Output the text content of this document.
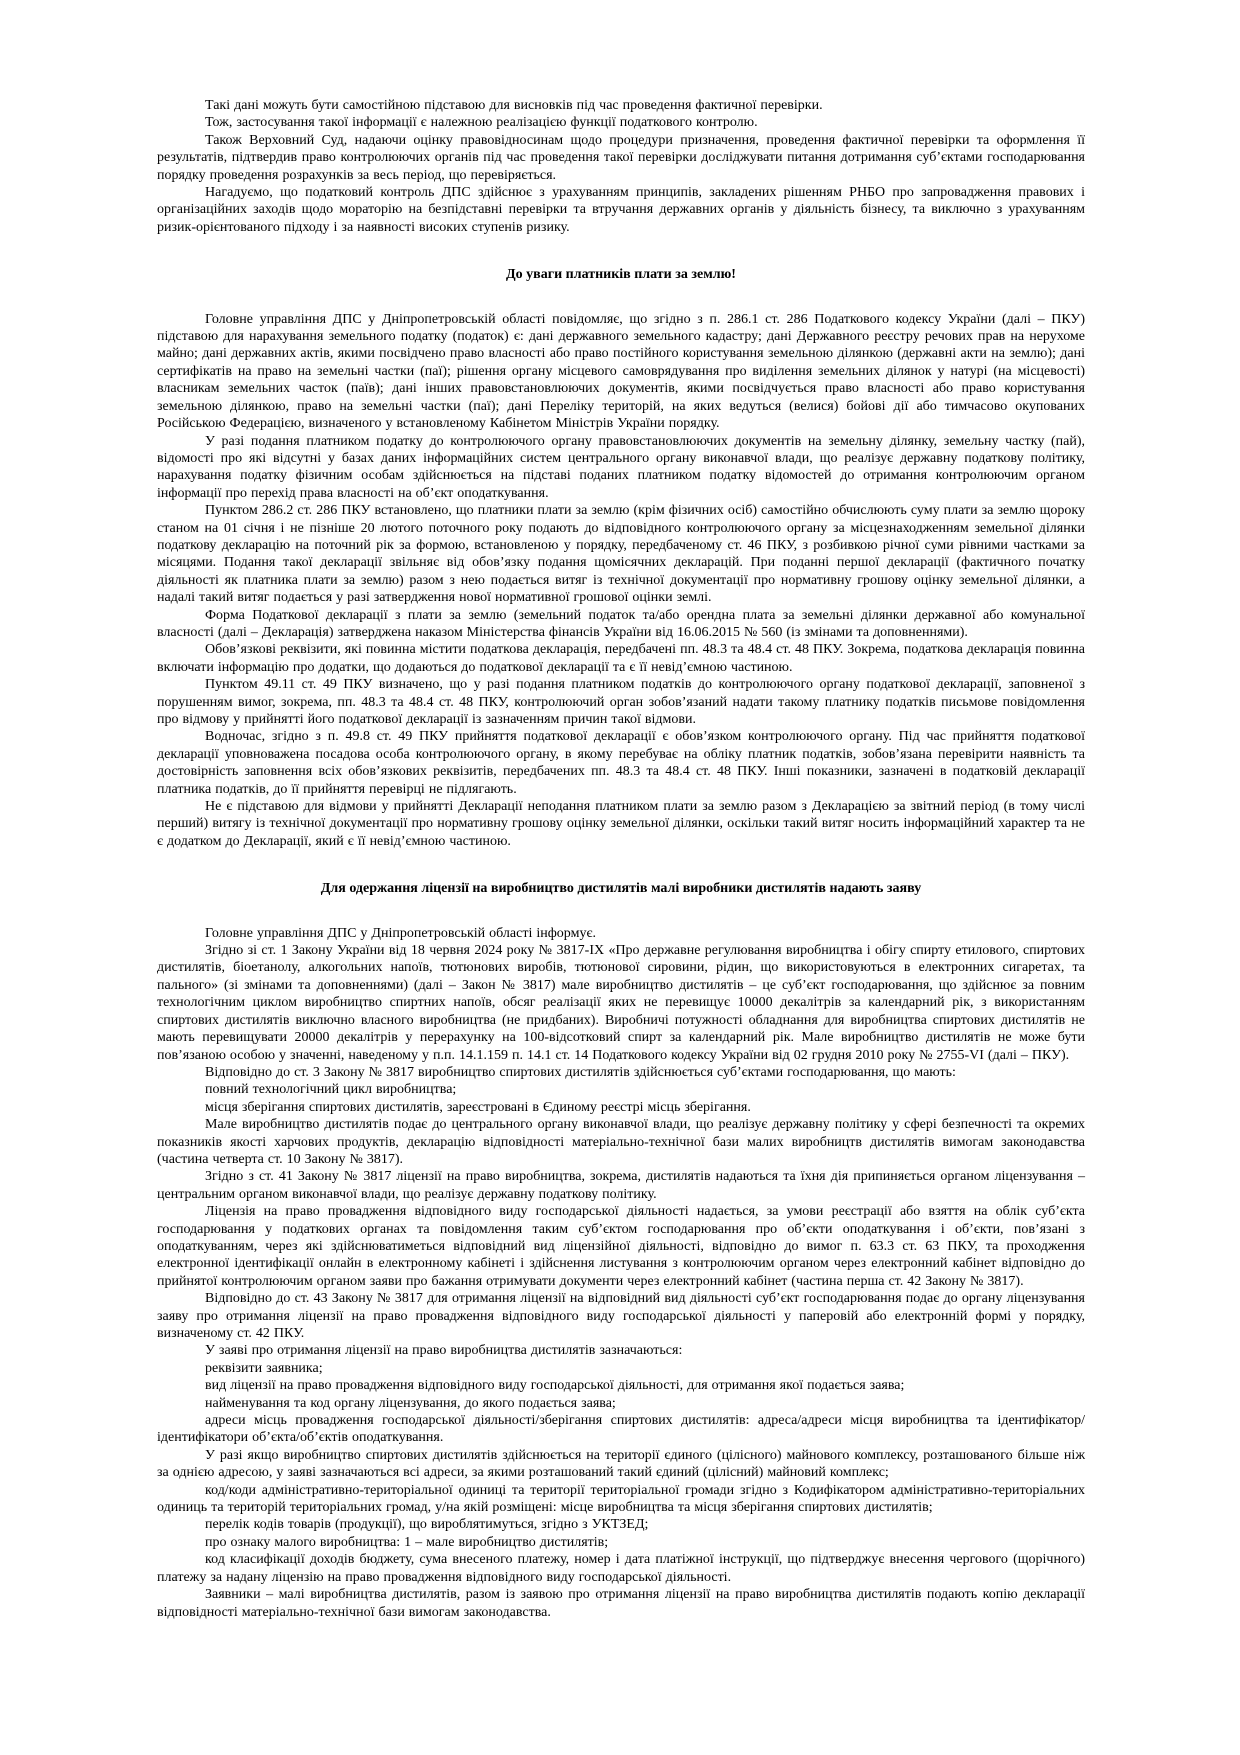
Такі дані можуть бути самостійною підставою для висновків під час проведення фактичної перевірки.

Тож, застосування такої інформації є належною реалізацією функції податкового контролю.

Також Верховний Суд, надаючи оцінку правовідносинам щодо процедури призначення, проведення фактичної перевірки та оформлення її результатів, підтвердив право контролюючих органів під час проведення такої перевірки досліджувати питання дотримання суб’єктами господарювання порядку проведення розрахунків за весь період, що перевіряється.

Нагадуємо, що податковий контроль ДПС здійснює з урахуванням принципів, закладених рішенням РНБО про запровадження правових і організаційних заходів щодо мораторію на безпідставні перевірки та втручання державних органів у діяльність бізнесу, та виключно з урахуванням ризик-орієнтованого підходу і за наявності високих ступенів ризику.

До уваги платників плати за землю!

Головне управління ДПС у Дніпропетровській області повідомляє, що згідно з п. 286.1 ст. 286 Податкового кодексу України (далі – ПКУ) підставою для нарахування земельного податку (податок) є: дані державного земельного кадастру; дані Державного реєстру речових прав на нерухоме майно; дані державних актів, якими посвідчено право власності або право постійного користування земельною ділянкою (державні акти на землю); дані сертифікатів на право на земельні частки (паї); рішення органу місцевого самоврядування про виділення земельних ділянок у натурі (на місцевості) власникам земельних часток (паїв); дані інших правовстановлюючих документів, якими посвідчується право власності або право користування земельною ділянкою, право на земельні частки (паї); дані Переліку територій, на яких ведуться (велися) бойові дії або тимчасово окупованих Російською Федерацією, визначеного у встановленому Кабінетом Міністрів України порядку.

У разі подання платником податку до контролюючого органу правовстановлюючих документів на земельну ділянку, земельну частку (пай), відомості про які відсутні у базах даних інформаційних систем центрального органу виконавчої влади, що реалізує державну податкову політику, нарахування податку фізичним особам здійснюється на підставі поданих платником податку відомостей до отримання контролюючим органом інформації про перехід права власності на об’єкт оподаткування.

Пунктом 286.2 ст. 286 ПКУ встановлено, що платники плати за землю (крім фізичних осіб) самостійно обчислюють суму плати за землю щороку станом на 01 січня і не пізніше 20 лютого поточного року подають до відповідного контролюючого органу за місцезнаходженням земельної ділянки податкову декларацію на поточний рік за формою, встановленою у порядку, передбаченому ст. 46 ПКУ, з розбивкою річної суми рівними частками за місяцями. Подання такої декларації звільняє від обов’язку подання щомісячних декларацій. При поданні першої декларації (фактичного початку діяльності як платника плати за землю) разом з нею подається витяг із технічної документації про нормативну грошову оцінку земельної ділянки, а надалі такий витяг подається у разі затвердження нової нормативної грошової оцінки землі.

Форма Податкової декларації з плати за землю (земельний податок та/або орендна плата за земельні ділянки державної або комунальної власності (далі – Декларація) затверджена наказом Міністерства фінансів України від 16.06.2015 № 560 (із змінами та доповненнями).

Обов’язкові реквізити, які повинна містити податкова декларація, передбачені пп. 48.3 та 48.4 ст. 48 ПКУ. Зокрема, податкова декларація повинна включати інформацію про додатки, що додаються до податкової декларації та є її невід’ємною частиною.

Пунктом 49.11 ст. 49 ПКУ визначено, що у разі подання платником податків до контролюючого органу податкової декларації, заповненої з порушенням вимог, зокрема, пп. 48.3 та 48.4 ст. 48 ПКУ, контролюючий орган зобов’язаний надати такому платнику податків письмове повідомлення про відмову у прийнятті його податкової декларації із зазначенням причин такої відмови.

Водночас, згідно з п. 49.8 ст. 49 ПКУ прийняття податкової декларації є обов’язком контролюючого органу. Під час прийняття податкової декларації уповноважена посадова особа контролюючого органу, в якому перебуває на обліку платник податків, зобов’язана перевірити наявність та достовірність заповнення всіх обов’язкових реквізитів, передбачених пп. 48.3 та 48.4 ст. 48 ПКУ. Інші показники, зазначені в податковій декларації платника податків, до її прийняття перевірці не підлягають.

Не є підставою для відмови у прийнятті Декларації неподання платником плати за землю разом з Декларацією за звітний період (в тому числі перший) витягу із технічної документації про нормативну грошову оцінку земельної ділянки, оскільки такий витяг носить інформаційний характер та не є додатком до Декларації, який є її невід’ємною частиною.

Для одержання ліцензії на виробництво дистилятів малі виробники дистилятів надають заяву

Головне управління ДПС у Дніпропетровській області інформує.

Згідно зі ст. 1 Закону України від 18 червня 2024 року № 3817-IX «Про державне регулювання виробництва і обігу спирту етилового, спиртових дистилятів, біоетанолу, алкогольних напоїв, тютюнових виробів, тютюнової сировини, рідин, що використовуються в електронних сигаретах, та пального» (зі змінами та доповненнями) (далі – Закон № 3817) мале виробництво дистилятів – це суб’єкт господарювання, що здійснює за повним технологічним циклом виробництво спиртних напоїв, обсяг реалізації яких не перевищує 10000 декалітрів за календарний рік, з використанням спиртових дистилятів виключно власного виробництва (не придбаних). Виробничі потужності обладнання для виробництва спиртових дистилятів не мають перевищувати 20000 декалітрів у перерахунку на 100-відсотковий спирт за календарний рік. Мале виробництво дистилятів не може бути пов’язаною особою у значенні, наведеному у п.п. 14.1.159 п. 14.1 ст. 14 Податкового кодексу України від 02 грудня 2010 року № 2755-VI (далі – ПКУ).

Відповідно до ст. 3 Закону № 3817 виробництво спиртових дистилятів здійснюється суб’єктами господарювання, що мають:

повний технологічний цикл виробництва;

місця зберігання спиртових дистилятів, зареєстровані в Єдиному реєстрі місць зберігання.

Мале виробництво дистилятів подає до центрального органу виконавчої влади, що реалізує державну політику у сфері безпечності та окремих показників якості харчових продуктів, декларацію відповідності матеріально-технічної бази малих виробництв дистилятів вимогам законодавства (частина четверта ст. 10 Закону № 3817).

Згідно з ст. 41 Закону № 3817 ліцензії на право виробництва, зокрема, дистилятів надаються та їхня дія припиняється органом ліцензування – центральним органом виконавчої влади, що реалізує державну податкову політику.

Ліцензія на право провадження відповідного виду господарської діяльності надається, за умови реєстрації або взяття на облік суб’єкта господарювання у податкових органах та повідомлення таким суб’єктом господарювання про об’єкти оподаткування і об’єкти, пов’язані з оподаткуванням, через які здійснюватиметься відповідний вид ліцензійної діяльності, відповідно до вимог п. 63.3 ст. 63 ПКУ, та проходження електронної ідентифікації онлайн в електронному кабінеті і здійснення листування з контролюючим органом через електронний кабінет відповідно до прийнятої контролюючим органом заяви про бажання отримувати документи через електронний кабінет (частина перша ст. 42 Закону № 3817).

Відповідно до ст. 43 Закону № 3817 для отримання ліцензії на відповідний вид діяльності суб’єкт господарювання подає до органу ліцензування заяву про отримання ліцензії на право провадження відповідного виду господарської діяльності у паперовій або електронній формі у порядку, визначеному ст. 42 ПКУ.

У заяві про отримання ліцензії на право виробництва дистилятів зазначаються:

реквізити заявника;

вид ліцензії на право провадження відповідного виду господарської діяльності, для отримання якої подається заява;

найменування та код органу ліцензування, до якого подається заява;

адреси місць провадження господарської діяльності/зберігання спиртових дистилятів: адреса/адреси місця виробництва та ідентифікатор/ідентифікатори об’єкта/об’єктів оподаткування.

У разі якщо виробництво спиртових дистилятів здійснюється на території єдиного (цілісного) майнового комплексу, розташованого більше ніж за однією адресою, у заяві зазначаються всі адреси, за якими розташований такий єдиний (цілісний) майновий комплекс;

код/коди адміністративно-територіальної одиниці та території територіальної громади згідно з Кодифікатором адміністративно-територіальних одиниць та територій територіальних громад, у/на якій розміщені: місце виробництва та місця зберігання спиртових дистилятів;

перелік кодів товарів (продукції), що вироблятимуться, згідно з УКТЗЕД;

про ознаку малого виробництва: 1 – мале виробництво дистилятів;

код класифікації доходів бюджету, сума внесеного платежу, номер і дата платіжної інструкції, що підтверджує внесення чергового (щорічного) платежу за надану ліцензію на право провадження відповідного виду господарської діяльності.

Заявники – малі виробництва дистилятів, разом із заявою про отримання ліцензії на право виробництва дистилятів подають копію декларації відповідності матеріально-технічної бази вимогам законодавства.
